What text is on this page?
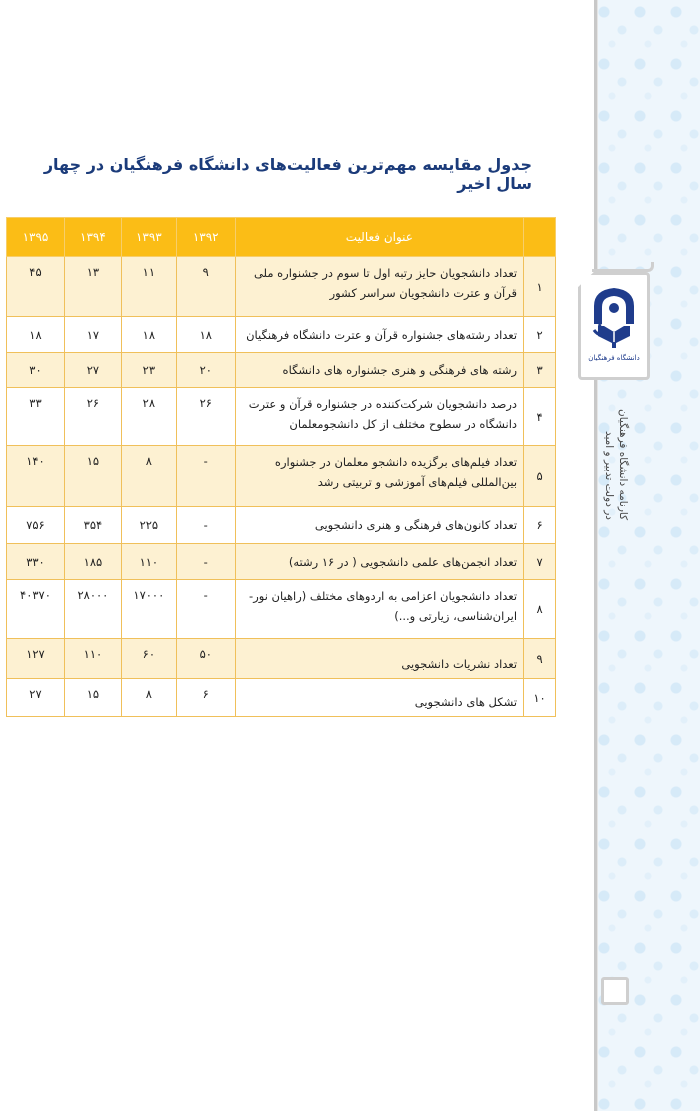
دانشگاه فرهنگیان
کارنامه دانشگاه فرهنگیان
در دولت تدبیر و امید
جدول مقایسه مهم‌ترین فعالیت‌های دانشگاه فرهنگیان در چهار سال اخیر
	عنوان فعالیت	۱۳۹۲	۱۳۹۳	۱۳۹۴	۱۳۹۵
۱	تعداد دانشجویان حایز رتبه اول تا سوم در جشنواره ملی قرآن و عترت دانشجویان سراسر کشور	۹	۱۱	۱۳	۴۵
۲	تعداد رشته‌های جشنواره قرآن و عترت دانشگاه فرهنگیان	۱۸	۱۸	۱۷	۱۸
۳	رشته های فرهنگی و هنری جشنواره های دانشگاه	۲۰	۲۳	۲۷	۳۰
۴	درصد دانشجویان شرکت‌کننده در جشنواره قرآن و عترت دانشگاه در سطوح مختلف از کل دانشجومعلمان	۲۶	۲۸	۲۶	۳۳
۵	تعداد فیلم‌های برگزیده دانشجو معلمان در جشنواره بین‌المللی فیلم‌های آموزشی و تربیتی رشد	-	۸	۱۵	۱۴۰
۶	تعداد کانون‌های فرهنگی و هنری دانشجویی	-	۲۲۵	۳۵۴	۷۵۶
۷	تعداد انجمن‌های علمی دانشجویی ( در ۱۶ رشته)	-	۱۱۰	۱۸۵	۳۳۰
۸	تعداد دانشجویان اعزامی به اردوهای مختلف (راهیان نور- ایران‌شناسی، زیارتی و...)	-	۱۷۰۰۰	۲۸۰۰۰	۴۰۳۷۰
۹	تعداد نشریات دانشجویی	۵۰	۶۰	۱۱۰	۱۲۷
۱۰	تشکل های دانشجویی	۶	۸	۱۵	۲۷
